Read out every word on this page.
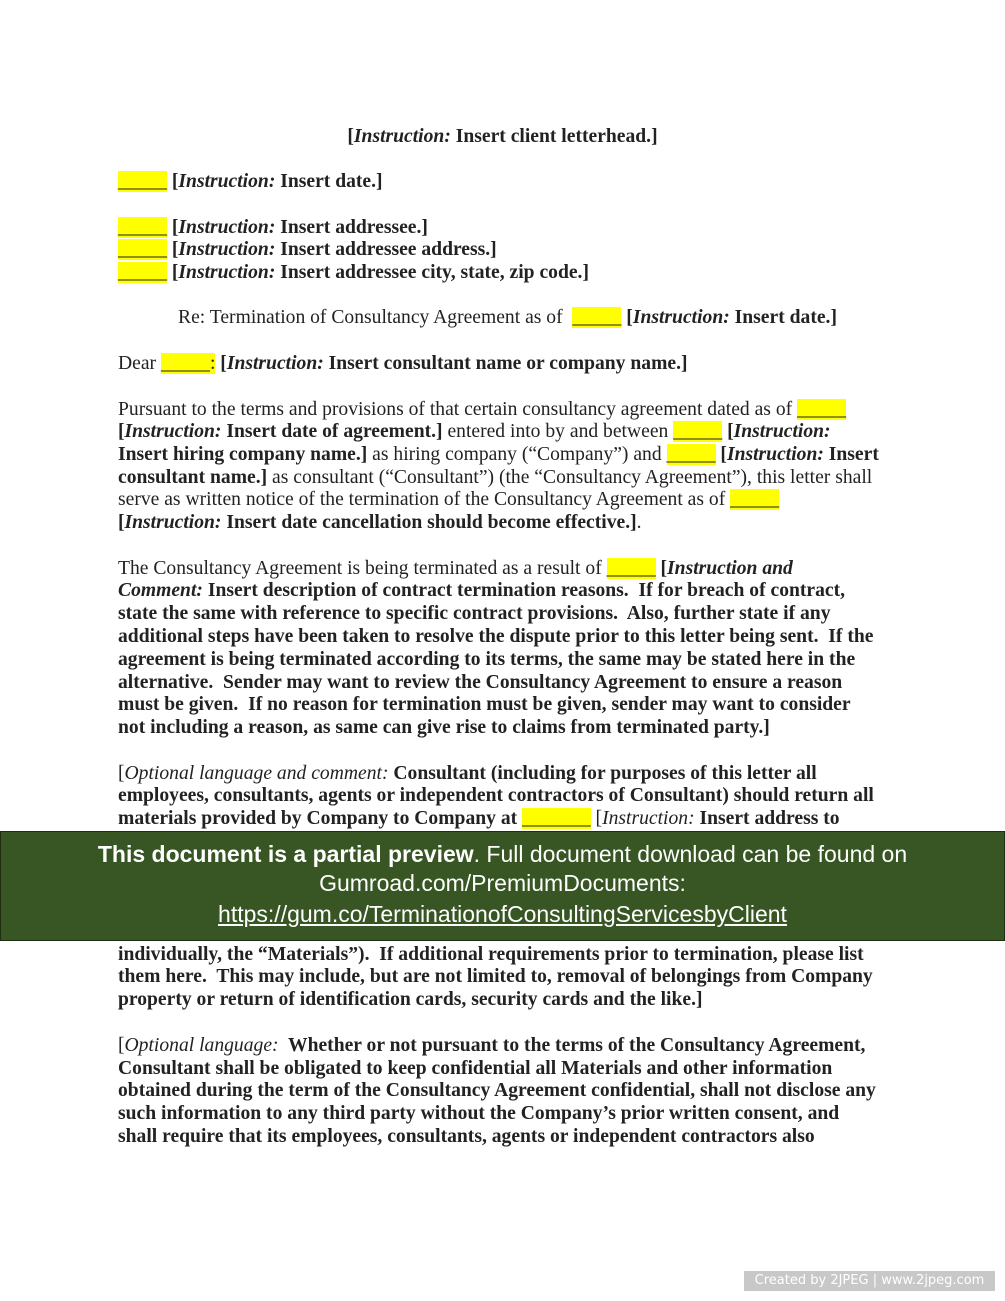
[Instruction: Insert client letterhead.]
_____ [Instruction: Insert date.]
_____ [Instruction: Insert addressee.]
_____ [Instruction: Insert addressee address.]
_____ [Instruction: Insert addressee city, state, zip code.]
Re: Termination of Consultancy Agreement as of  _____ [Instruction: Insert date.]
Dear _____: [Instruction: Insert consultant name or company name.]
Pursuant to the terms and provisions of that certain consultancy agreement dated as of _____
[Instruction: Insert date of agreement.] entered into by and between _____ [Instruction:
Insert hiring company name.] as hiring company (“Company”) and _____ [Instruction: Insert
consultant name.] as consultant (“Consultant”) (the “Consultancy Agreement”), this letter shall
serve as written notice of the termination of the Consultancy Agreement as of _____
[Instruction: Insert date cancellation should become effective.].
The Consultancy Agreement is being terminated as a result of _____ [Instruction and
Comment: Insert description of contract termination reasons.  If for breach of contract,
state the same with reference to specific contract provisions.  Also, further state if any
additional steps have been taken to resolve the dispute prior to this letter being sent.  If the
agreement is being terminated according to its terms, the same may be stated here in the
alternative.  Sender may want to review the Consultancy Agreement to ensure a reason
must be given.  If no reason for termination must be given, sender may want to consider
not including a reason, as same can give rise to claims from terminated party.]
[Optional language and comment: Consultant (including for purposes of this letter all
employees, consultants, agents or independent contractors of Consultant) should return all
materials provided by Company to Company at _______ [Instruction: Insert address to
individually, the “Materials”).  If additional requirements prior to termination, please list
them here.  This may include, but are not limited to, removal of belongings from Company
property or return of identification cards, security cards and the like.]
[Optional language:  Whether or not pursuant to the terms of the Consultancy Agreement,
Consultant shall be obligated to keep confidential all Materials and other information
obtained during the term of the Consultancy Agreement confidential, shall not disclose any
such information to any third party without the Company’s prior written consent, and
shall require that its employees, consultants, agents or independent contractors also
This document is a partial preview. Full document download can be found on
Gumroad.com/PremiumDocuments:
https://gum.co/TerminationofConsultingServicesbyClient
Created by 2JPEG | www.2jpeg.com
